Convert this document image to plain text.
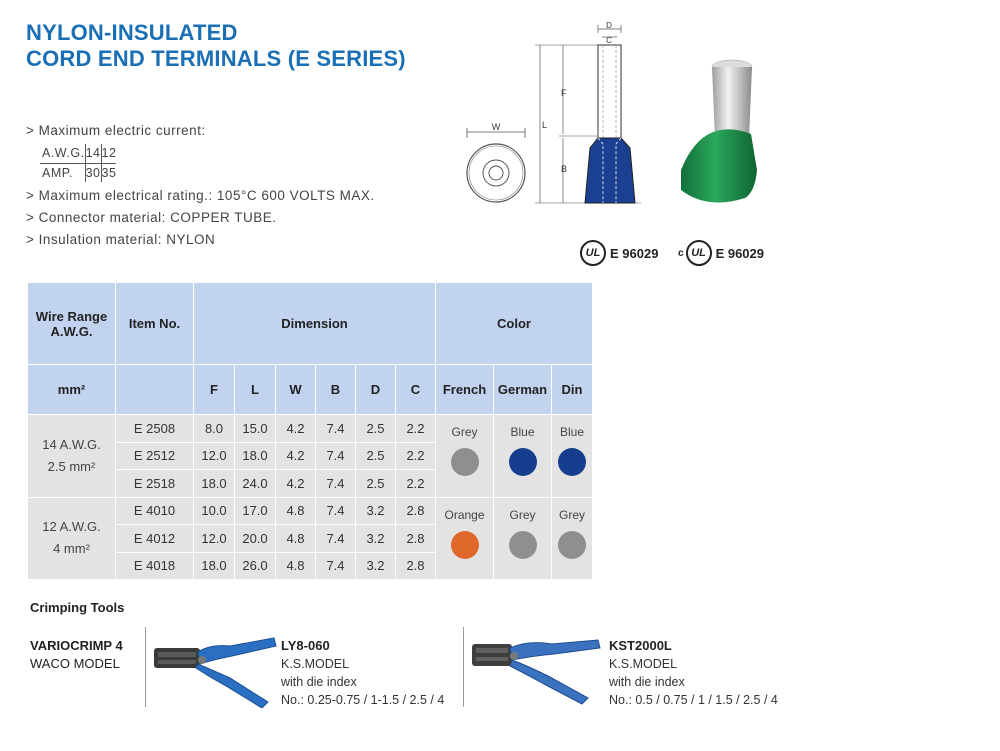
NYLON-INSULATED
CORD END TERMINALS (E SERIES)
> Maximum electric current:
A.W.G.	14	12
AMP.	30	35
> Maximum electrical rating.: 105°C 600 VOLTS MAX.
> Connector material: COPPER TUBE.
> Insulation material: NYLON
W
D
C
L
F
B
UL E 96029 c UL E 96029
Wire Range A.W.G.	Item No.	Dimension						Color		
mm²		F	L	W	B	D	C	French	German	Din

14 A.W.G.
2.5 mm²	E 2508	8.0	15.0	4.2	7.4	2.5	2.2	Grey	Blue	Blue

	E 2512	12.0	18.0	4.2	7.4	2.5	2.2			
	E 2518	18.0	24.0	4.2	7.4	2.5	2.2			

12 A.W.G.
4 mm²	E 4010	10.0	17.0	4.8	7.4	3.2	2.8	Orange	Grey	Grey

	E 4012	12.0	20.0	4.8	7.4	3.2	2.8			
	E 4018	18.0	26.0	4.8	7.4	3.2	2.8			
Crimping Tools
VARIOCRIMP 4
WACO MODEL
LY8-060
K.S.MODEL
with die index
No.: 0.25-0.75 / 1-1.5 / 2.5 / 4
KST2000L
K.S.MODEL
with die index
No.: 0.5 / 0.75 / 1 / 1.5 / 2.5 / 4
